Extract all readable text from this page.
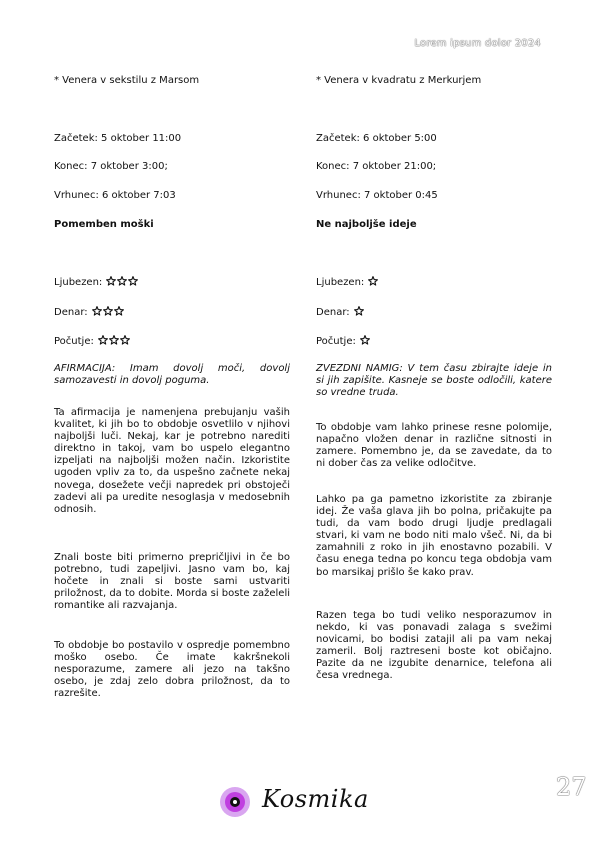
Lorem ipsum dolor 2024
* Venera v sekstilu z Marsom
Začetek: 5 oktober 11:00
Konec: 7 oktober 3:00;
Vrhunec: 6 oktober 7:03
Pomemben moški
Ljubezen:
Denar:
Počutje:

AFIRMACIJA: Imam dovolj moči, dovolj samozavesti in dovolj poguma.

Ta afirmacija je namenjena prebujanju vaših kvalitet, ki jih bo to obdobje osvetlilo v njihovi najboljši luči. Nekaj, kar je potrebno narediti direktno in takoj, vam bo uspelo elegantno izpeljati na najboljši možen način. Izkoristite ugoden vpliv za to, da uspešno začnete nekaj novega, dosežete večji napredek pri obstoječi zadevi ali pa uredite nesoglasja v medosebnih odnosih.

Znali boste biti primerno prepričljivi in če bo potrebno, tudi zapeljivi. Jasno vam bo, kaj hočete in znali si boste sami ustvariti priložnost, da to dobite. Morda si boste zaželeli romantike ali razvajanja.

To obdobje bo postavilo v ospredje pomembno moško osebo. Če imate kakršnekoli nesporazume, zamere ali jezo na takšno osebo, je zdaj zelo dobra priložnost, da to razrešite.

* Venera v kvadratu z Merkurjem
Začetek: 6 oktober 5:00
Konec: 7 oktober 21:00;
Vrhunec: 7 oktober 0:45
Ne najboljše ideje
Ljubezen:
Denar:
Počutje:

ZVEZDNI NAMIG: V tem času zbirajte ideje in si jih zapišite. Kasneje se boste odločili, katere so vredne truda.

To obdobje vam lahko prinese resne polomije, napačno vložen denar in različne sitnosti in zamere. Pomembno je, da se zavedate, da to ni dober čas za velike odločitve.

Lahko pa ga pametno izkoristite za zbiranje idej. Že vaša glava jih bo polna, pričakujte pa tudi, da vam bodo drugi ljudje predlagali stvari, ki vam ne bodo niti malo všeč. Ni, da bi zamahnili z roko in jih enostavno pozabili. V času enega tedna po koncu tega obdobja vam bo marsikaj prišlo še kako prav.

Razen tega bo tudi veliko nesporazumov in nekdo, ki vas ponavadi zalaga s svežimi novicami, bo bodisi zatajil ali pa vam nekaj zameril. Bolj raztreseni boste kot običajno. Pazite da ne izgubite denarnice, telefona ali česa vrednega.

Kosmika	27
